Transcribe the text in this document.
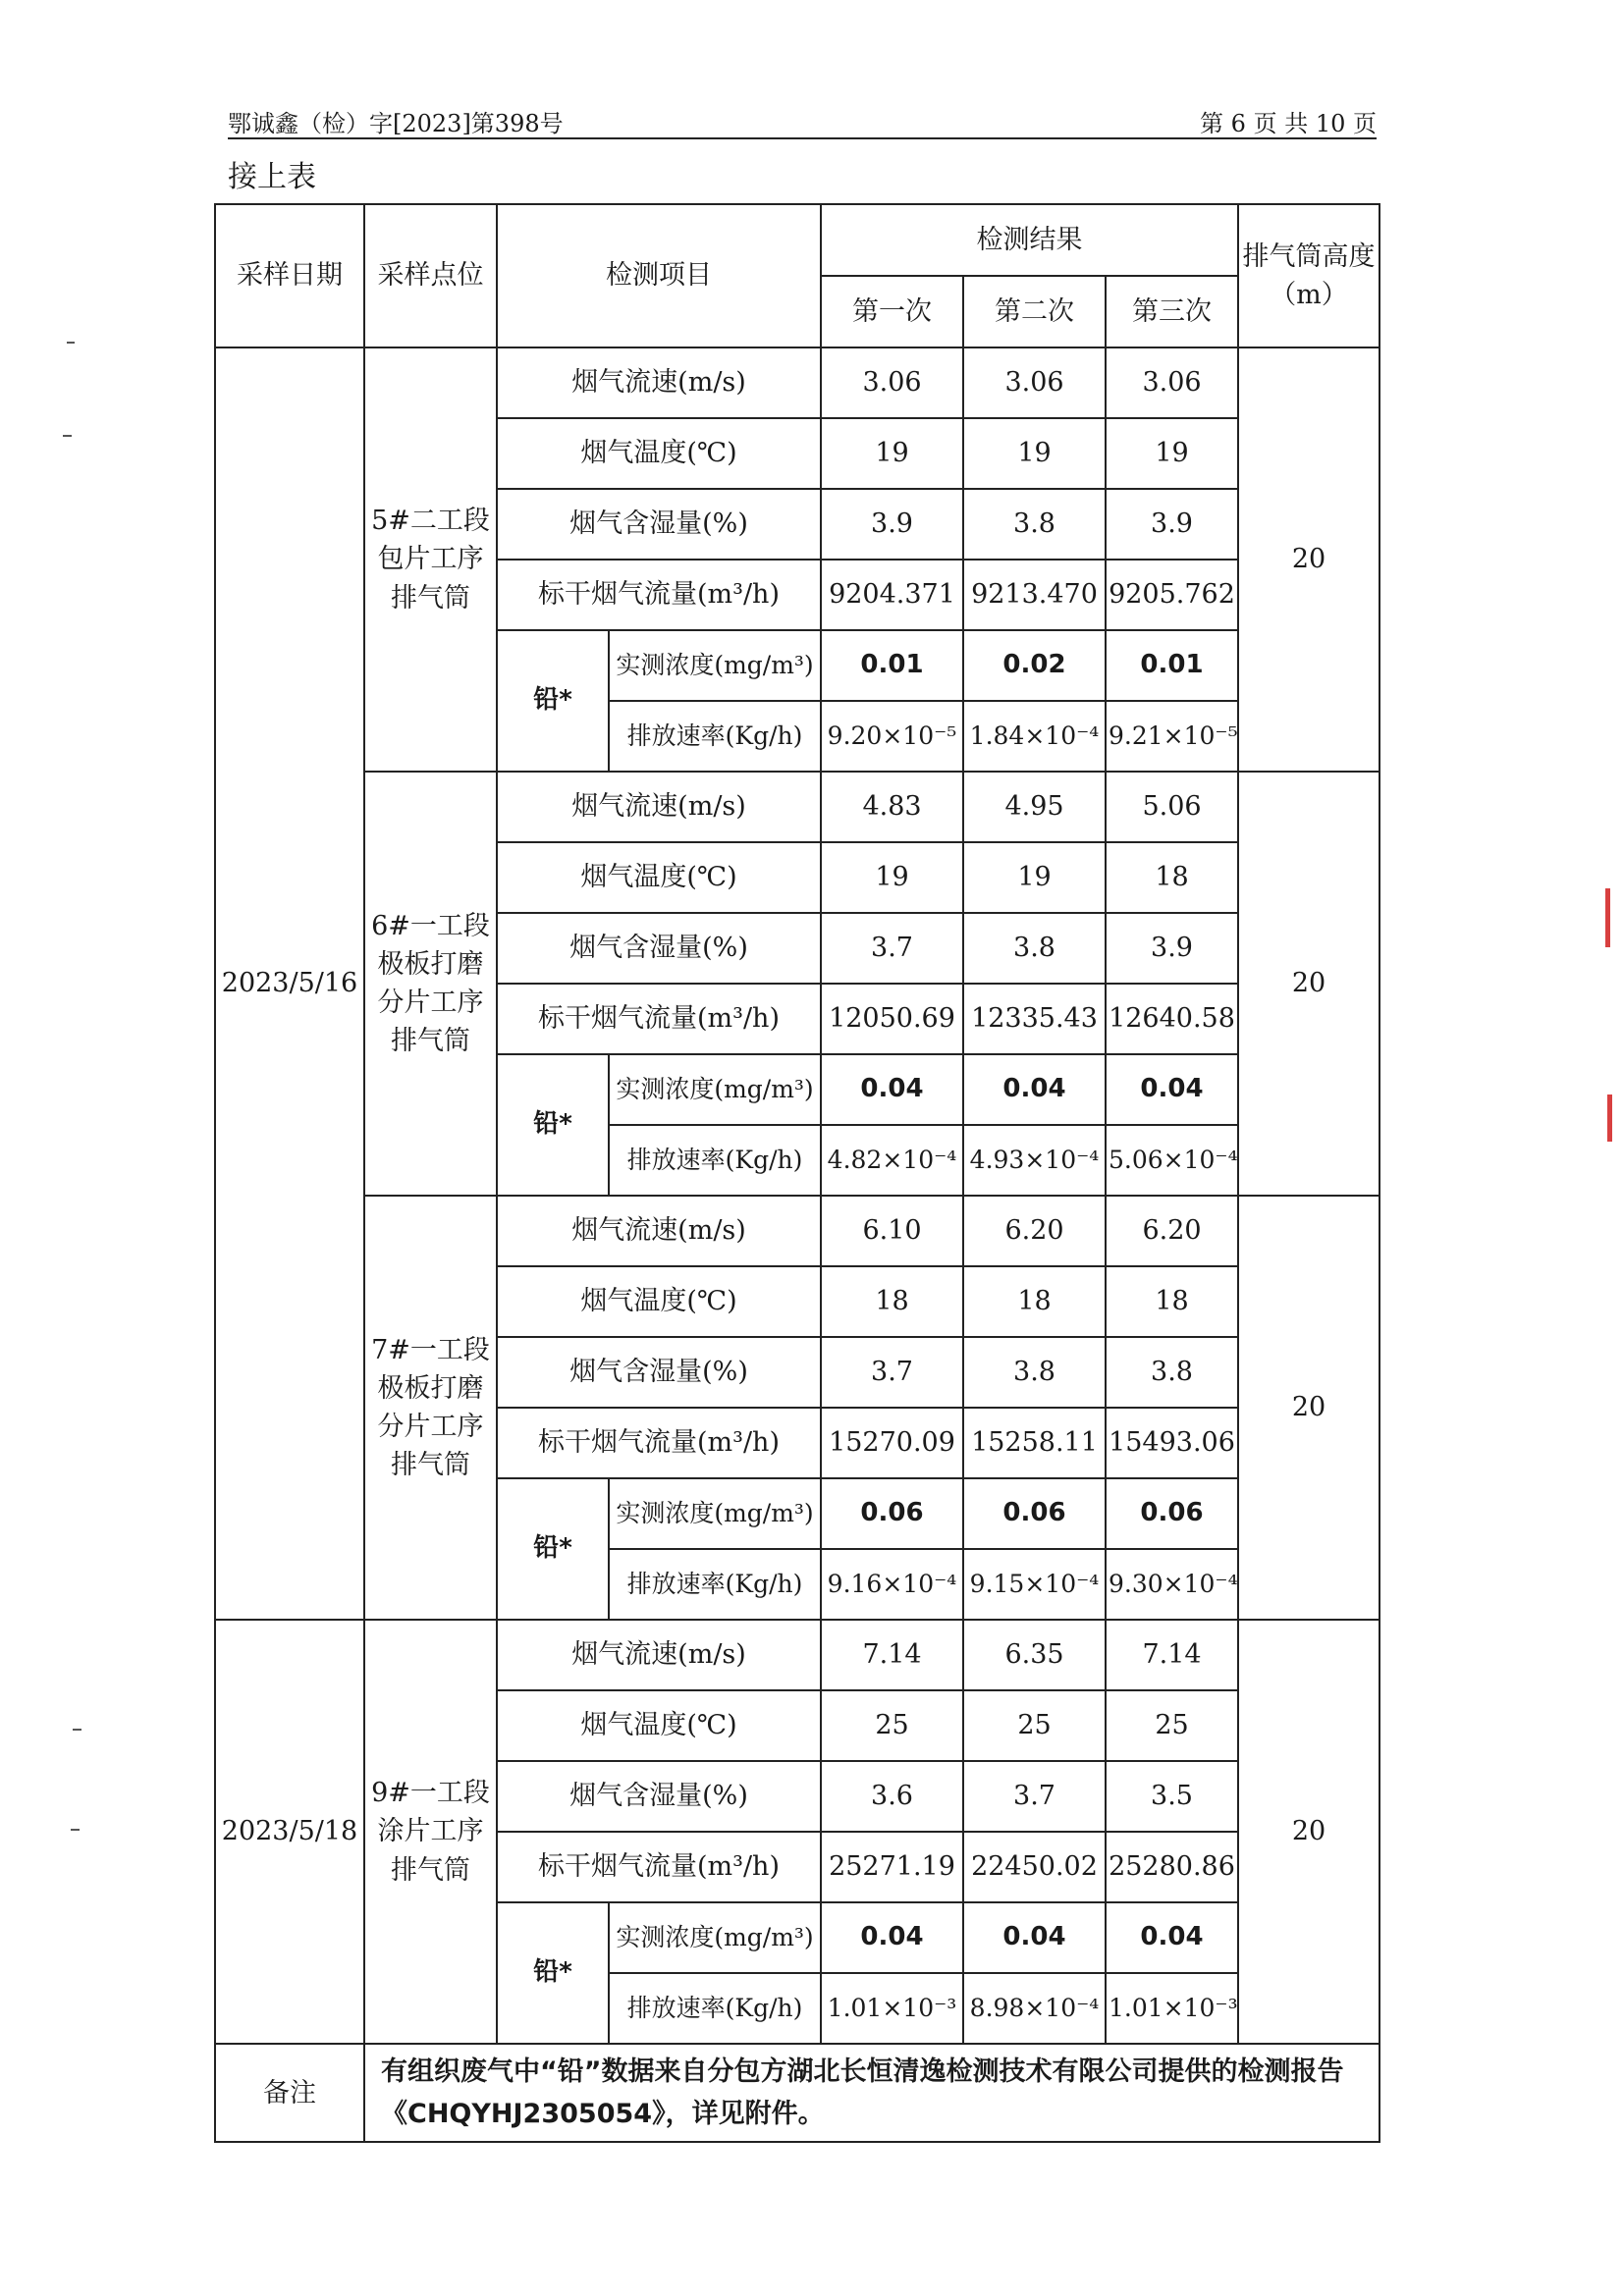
鄂诚鑫（检）字[2023]第398号	第 6 页 共 10 页
接上表
采样日期	采样点位	检测项目		检测结果			排气筒高度（m）
				第一次	第二次	第三次	
2023/5/16	5#二工段包片工序排气筒	烟气流速(m/s)		3.06	3.06	3.06	20
		烟气温度(℃)		19	19	19	
		烟气含湿量(%)		3.9	3.8	3.9	
		标干烟气流量(m³/h)		9204.371	9213.470	9205.762	
		铅*	实测浓度(mg/m³)	0.01	0.02	0.01	
			排放速率(Kg/h)	9.20×10⁻⁵	1.84×10⁻⁴	9.21×10⁻⁵	
	6#一工段极板打磨分片工序排气筒	烟气流速(m/s)		4.83	4.95	5.06	20
		烟气温度(℃)		19	19	18	
		烟气含湿量(%)		3.7	3.8	3.9	
		标干烟气流量(m³/h)		12050.69	12335.43	12640.58	
		铅*	实测浓度(mg/m³)	0.04	0.04	0.04	
			排放速率(Kg/h)	4.82×10⁻⁴	4.93×10⁻⁴	5.06×10⁻⁴	
	7#一工段极板打磨分片工序排气筒	烟气流速(m/s)		6.10	6.20	6.20	20
		烟气温度(℃)		18	18	18	
		烟气含湿量(%)		3.7	3.8	3.8	
		标干烟气流量(m³/h)		15270.09	15258.11	15493.06	
		铅*	实测浓度(mg/m³)	0.06	0.06	0.06	
			排放速率(Kg/h)	9.16×10⁻⁴	9.15×10⁻⁴	9.30×10⁻⁴	
2023/5/18	9#一工段涂片工序排气筒	烟气流速(m/s)		7.14	6.35	7.14	20
		烟气温度(℃)		25	25	25	
		烟气含湿量(%)		3.6	3.7	3.5	
		标干烟气流量(m³/h)		25271.19	22450.02	25280.86	
		铅*	实测浓度(mg/m³)	0.04	0.04	0.04	
			排放速率(Kg/h)	1.01×10⁻³	8.98×10⁻⁴	1.01×10⁻³	
备注	有组织废气中“铅”数据来自分包方湖北长恒清逸检测技术有限公司提供的检测报告《CHQYHJ2305054》，详见附件。						
